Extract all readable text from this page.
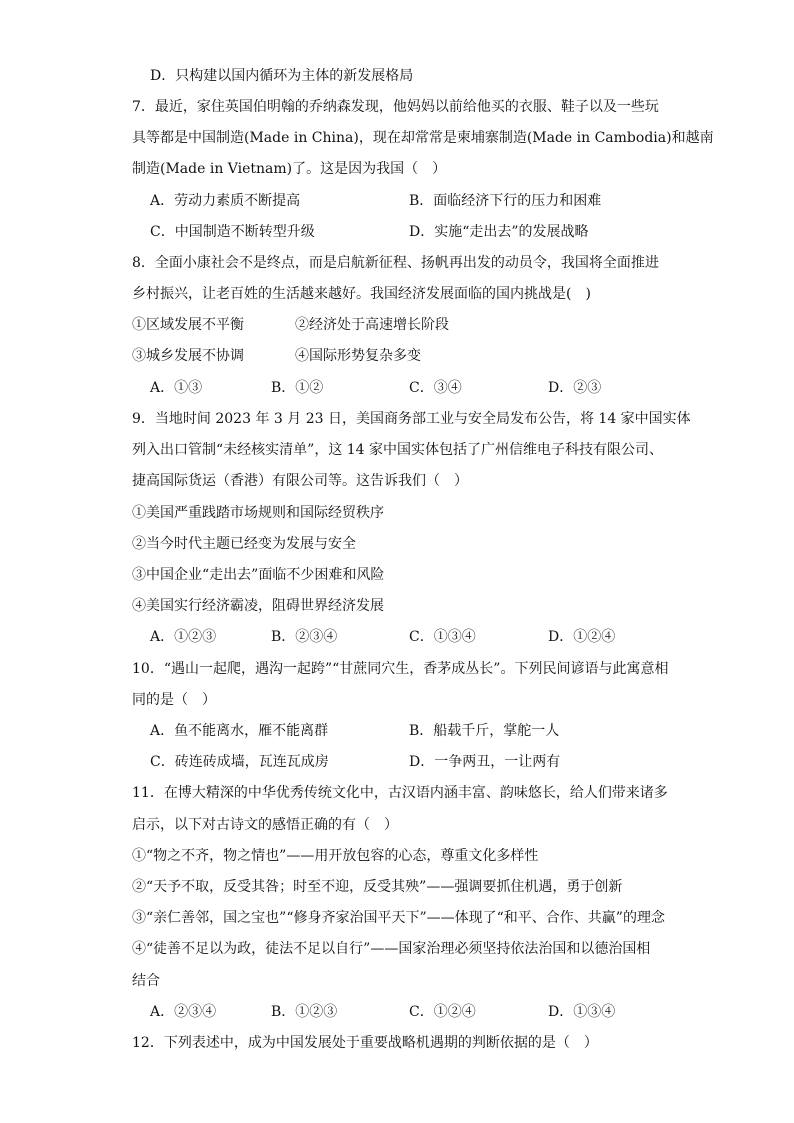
D．只构建以国内循环为主体的新发展格局
7．最近，家住英国伯明翰的乔纳森发现，他妈妈以前给他买的衣服、鞋子以及一些玩
具等都是中国制造(Made in China)，现在却常常是柬埔寨制造(Made in Cambodia)和越南
制造(Made in Vietnam)了。这是因为我国（　）
A．劳动力素质不断提高	B．面临经济下行的压力和困难
C．中国制造不断转型升级	D．实施“走出去”的发展战略
8．全面小康社会不是终点，而是启航新征程、扬帆再出发的动员令，我国将全面推进
乡村振兴，让老百姓的生活越来越好。我国经济发展面临的国内挑战是(　)
①区域发展不平衡	②经济处于高速增长阶段
③城乡发展不协调	④国际形势复杂多变
A．①③	B．①②	C．③④	D．②③
9．当地时间 2023 年 3 月 23 日，美国商务部工业与安全局发布公告，将 14 家中国实体
列入出口管制“未经核实清单”，这 14 家中国实体包括了广州信维电子科技有限公司、
捷高国际货运（香港）有限公司等。这告诉我们（　）
①美国严重践踏市场规则和国际经贸秩序
②当今时代主题已经变为发展与安全
③中国企业“走出去”面临不少困难和风险
④美国实行经济霸凌，阻碍世界经济发展
A．①②③	B．②③④	C．①③④	D．①②④
10．“遇山一起爬，遇沟一起跨”“甘蔗同穴生，香茅成丛长”。下列民间谚语与此寓意相
同的是（　）
A．鱼不能离水，雁不能离群	B．船载千斤，掌舵一人
C．砖连砖成墙，瓦连瓦成房	D．一争两丑，一让两有
11．在博大精深的中华优秀传统文化中，古汉语内涵丰富、韵味悠长，给人们带来诸多
启示，以下对古诗文的感悟正确的有（　）
①“物之不齐，物之情也”——用开放包容的心态，尊重文化多样性
②“天予不取，反受其咎；时至不迎，反受其殃”——强调要抓住机遇，勇于创新
③“亲仁善邻，国之宝也”“修身齐家治国平天下”——体现了“和平、合作、共赢”的理念
④“徒善不足以为政，徒法不足以自行”——国家治理必须坚持依法治国和以德治国相
结合
A．②③④	B．①②③	C．①②④	D．①③④
12．下列表述中，成为中国发展处于重要战略机遇期的判断依据的是（　）
